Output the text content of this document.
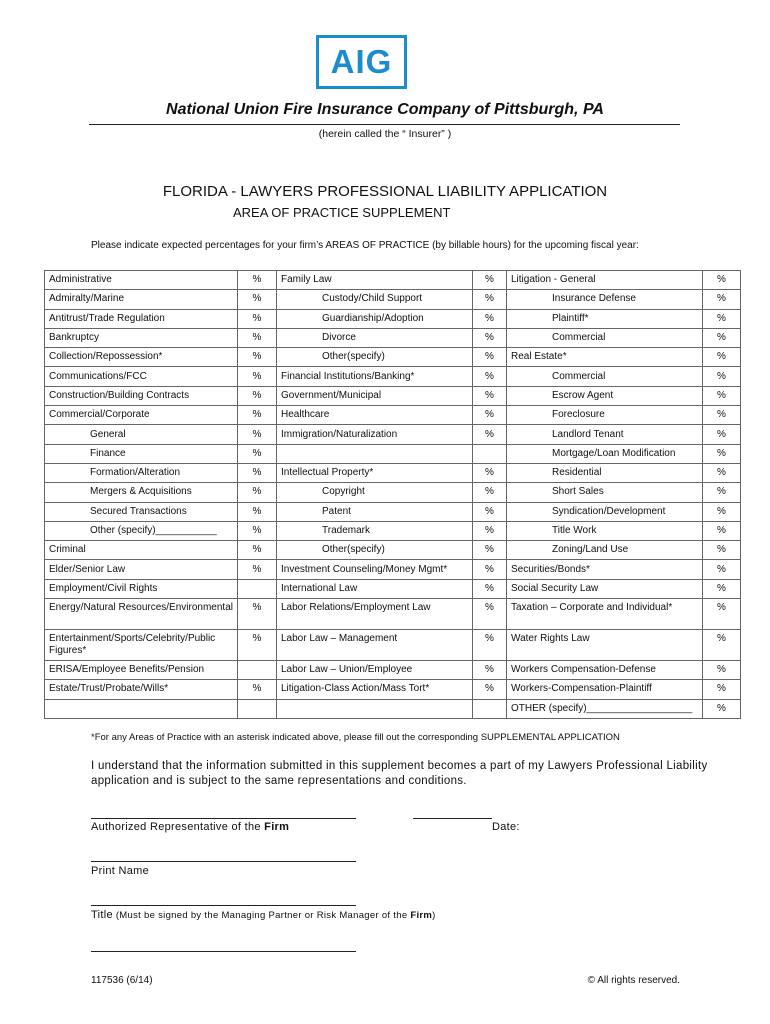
AIG
National Union Fire Insurance Company of Pittsburgh, PA
(herein called the “ Insurer” )
FLORIDA - LAWYERS PROFESSIONAL LIABILITY APPLICATION
AREA OF PRACTICE SUPPLEMENT
Please indicate expected percentages for your firm’s AREAS OF PRACTICE (by billable hours) for the upcoming fiscal year:
Administrative	%	Family Law	%	Litigation - General	%
Admiralty/Marine	%	Custody/Child Support	%	Insurance Defense	%
Antitrust/Trade Regulation	%	Guardianship/Adoption	%	Plaintiff*	%
Bankruptcy	%	Divorce	%	Commercial	%
Collection/Repossession*	%	Other(specify)	%	Real Estate*	%
Communications/FCC	%	Financial Institutions/Banking*	%	Commercial	%
Construction/Building Contracts	%	Government/Municipal	%	Escrow Agent	%
Commercial/Corporate	%	Healthcare	%	Foreclosure	%
General	%	Immigration/Naturalization	%	Landlord Tenant	%
Finance	%			Mortgage/Loan Modification	%
Formation/Alteration	%	Intellectual Property*	%	Residential	%
Mergers & Acquisitions	%	Copyright	%	Short Sales	%
Secured Transactions	%	Patent	%	Syndication/Development	%
Other (specify)___________	%	Trademark	%	Title Work	%
Criminal	%	Other(specify)	%	Zoning/Land Use	%
Elder/Senior Law	%	Investment Counseling/Money Mgmt*	%	Securities/Bonds*	%
Employment/Civil Rights		International Law	%	Social Security Law	%
Energy/Natural Resources/Environmental	%	Labor Relations/Employment Law	%	Taxation – Corporate and Individual*	%
Entertainment/Sports/Celebrity/Public Figures*	%	Labor Law – Management	%	Water Rights Law	%
ERISA/Employee Benefits/Pension		Labor Law – Union/Employee	%	Workers Compensation-Defense	%
Estate/Trust/Probate/Wills*	%	Litigation-Class Action/Mass Tort*	%	Workers-Compensation-Plaintiff	%
				OTHER (specify)___________________	%
*For any Areas of Practice with an asterisk indicated above, please fill out the corresponding SUPPLEMENTAL APPLICATION
I understand that the information submitted in this supplement becomes a part of my Lawyers Professional Liability application and is subject to the same representations and conditions.
Authorized Representative of the Firm	Date:
Print Name
Title (Must be signed by the Managing Partner or Risk Manager of the Firm)
117536 (6/14)	© All rights reserved.
